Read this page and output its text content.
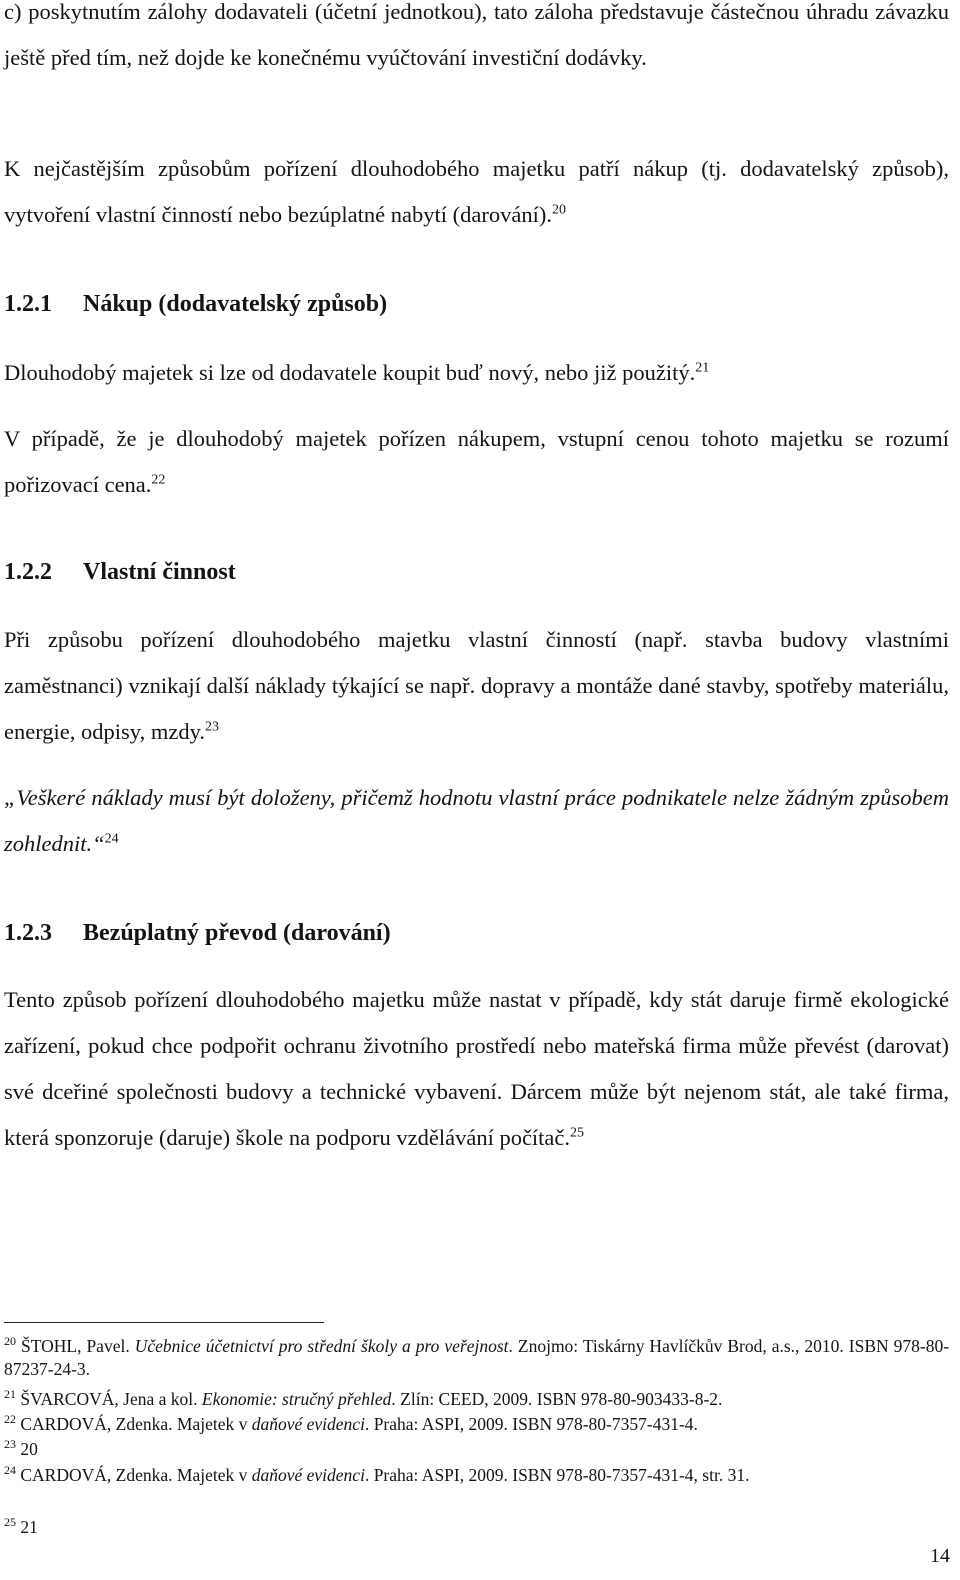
c) poskytnutím zálohy dodavateli (účetní jednotkou), tato záloha představuje částečnou úhradu závazku ještě před tím, než dojde ke konečnému vyúčtování investiční dodávky.

K nejčastějším způsobům pořízení dlouhodobého majetku patří nákup (tj. dodavatelský způsob), vytvoření vlastní činností nebo bezúplatné nabytí (darování).$^{20}$

1.2.1 Nákup (dodavatelský způsob)

Dlouhodobý majetek si lze od dodavatele koupit buď nový, nebo již použitý.$^{21}$

V případě, že je dlouhodobý majetek pořízen nákupem, vstupní cenou tohoto majetku se rozumí pořizovací cena.$^{22}$

1.2.2 Vlastní činnost

Při způsobu pořízení dlouhodobého majetku vlastní činností (např. stavba budovy vlastními zaměstnanci) vznikají další náklady týkající se např. dopravy a montáže dané stavby, spotřeby materiálu, energie, odpisy, mzdy.$^{23}$

„Veškeré náklady musí být doloženy, přičemž hodnotu vlastní práce podnikatele nelze žádným způsobem zohlednit.“$^{24}$

1.2.3 Bezúplatný převod (darování)

Tento způsob pořízení dlouhodobého majetku může nastat v případě, kdy stát daruje firmě ekologické zařízení, pokud chce podpořit ochranu životního prostředí nebo mateřská firma může převést (darovat) své dceřiné společnosti budovy a technické vybavení. Dárcem může být nejenom stát, ale také firma, která sponzoruje (daruje) škole na podporu vzdělávání počítač.$^{25}$

$^{20}$ ŠTOHL, Pavel. Učebnice účetnictví pro střední školy a pro veřejnost. Znojmo: Tiskárny Havlíčkův Brod, a.s., 2010. ISBN 978-80-87237-24-3.

$^{21}$ ŠVARCOVÁ, Jena a kol. Ekonomie: stručný přehled. Zlín: CEED, 2009. ISBN 978-80-903433-8-2.

$^{22}$ CARDOVÁ, Zdenka. Majetek v daňové evidenci. Praha: ASPI, 2009. ISBN 978-80-7357-431-4.

$^{23}$ 20

$^{24}$ CARDOVÁ, Zdenka. Majetek v daňové evidenci. Praha: ASPI, 2009. ISBN 978-80-7357-431-4, str. 31.

$^{25}$ 21

14
